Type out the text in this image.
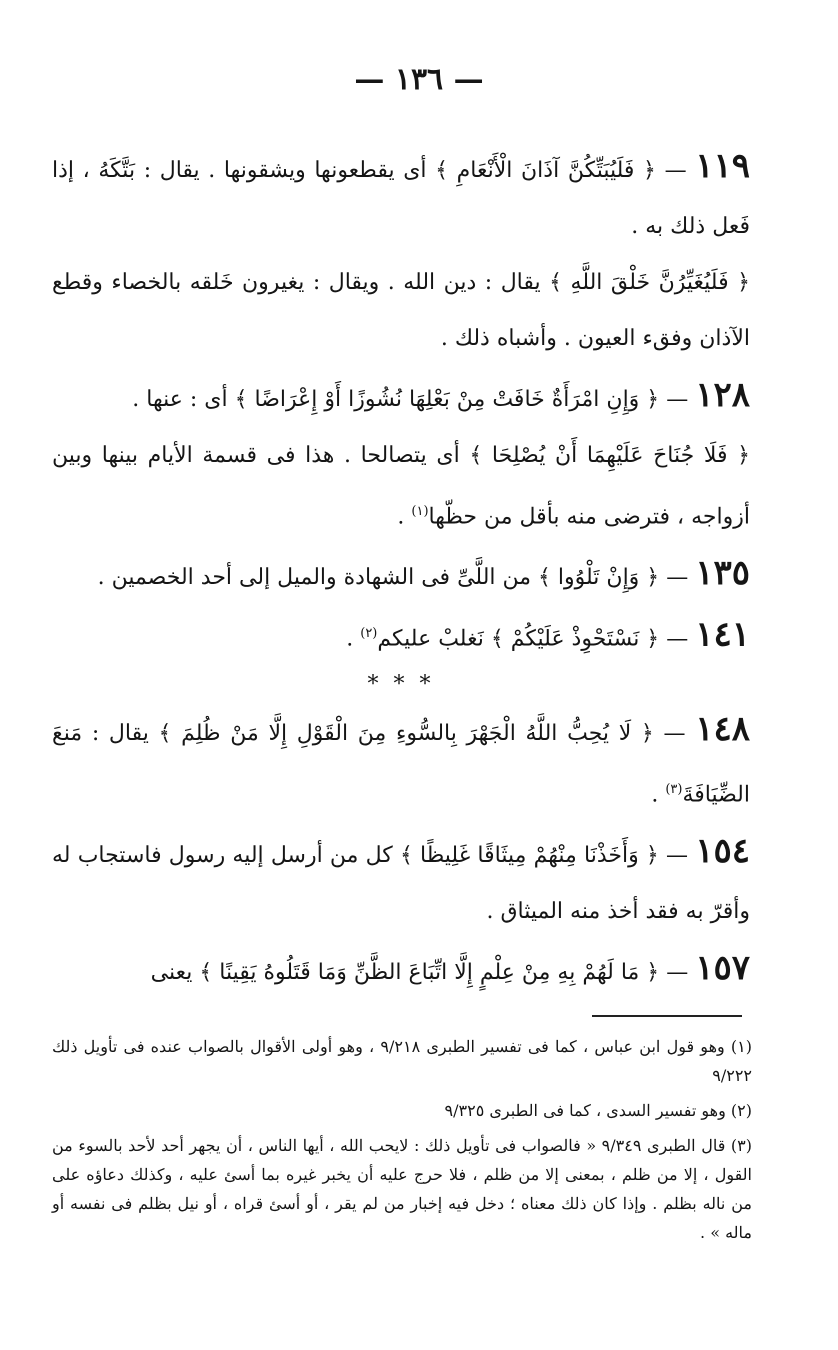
— ١٣٦ —

١١٩ — ﴿ فَلَيُبَتِّكُنَّ آذَانَ الْأَنْعَامِ ﴾ أى يقطعونها ويشقونها . يقال : بَتَّكَهُ ، إذا فَعل ذلك به .

﴿ فَلَيُغَيِّرُنَّ خَلْقَ اللَّهِ ﴾ يقال : دين الله . ويقال : يغيرون خَلقه بالخصاء وقطع الآذان وفقء العيون . وأشباه ذلك .

١٢٨ — ﴿ وَإِنِ امْرَأَةٌ خَافَتْ مِنْ بَعْلِهَا نُشُوزًا أَوْ إِعْرَاضًا ﴾ أى : عنها .

﴿ فَلَا جُنَاحَ عَلَيْهِمَا أَنْ يُصْلِحَا ﴾ أى يتصالحا . هذا فى قسمة الأيام بينها وبين أزواجه ، فترضى منه بأقل من حظّها$^{(١)}$ .

١٣٥ — ﴿ وَإِنْ تَلْوُوا ﴾ من اللَّىِّ فى الشهادة والميل إلى أحد الخصمين .

١٤١ — ﴿ نَسْتَحْوِذْ عَلَيْكُمْ ﴾ نَغلبْ عليكم$^{(٢)}$ .

* * *

١٤٨ — ﴿ لَا يُحِبُّ اللَّهُ الْجَهْرَ بِالسُّوءِ مِنَ الْقَوْلِ إِلَّا مَنْ ظُلِمَ ﴾ يقال : مَنعَ الضِّيَافَةَ$^{(٣)}$ .

١٥٤ — ﴿ وَأَخَذْنَا مِنْهُمْ مِيثَاقًا غَلِيظًا ﴾ كل من أرسل إليه رسول فاستجاب له وأقرّ به فقد أخذ منه الميثاق .

١٥٧ — ﴿ مَا لَهُمْ بِهِ مِنْ عِلْمٍ إِلَّا اتِّبَاعَ الظَّنِّ وَمَا قَتَلُوهُ يَقِينًا ﴾ يعنى

(١) وهو قول ابن عباس ، كما فى تفسير الطبرى ٩/٢١٨ ، وهو أولى الأقوال بالصواب عنده فى تأويل ذلك ٩/٢٢٢

(٢) وهو تفسير السدى ، كما فى الطبرى ٩/٣٢٥

(٣) قال الطبرى ٩/٣٤٩ « فالصواب فى تأويل ذلك : لايحب الله ، أيها الناس ، أن يجهر أحد لأحد بالسوء من القول ، إلا من ظلم ، بمعنى إلا من ظلم ، فلا حرج عليه أن يخبر غيره بما أسئ عليه ، وكذلك دعاؤه على من ناله بظلم . وإذا كان ذلك معناه ؛ دخل فيه إخبار من لم يقر ، أو أسئ قراه ، أو نيل بظلم فى نفسه أو ماله » .
